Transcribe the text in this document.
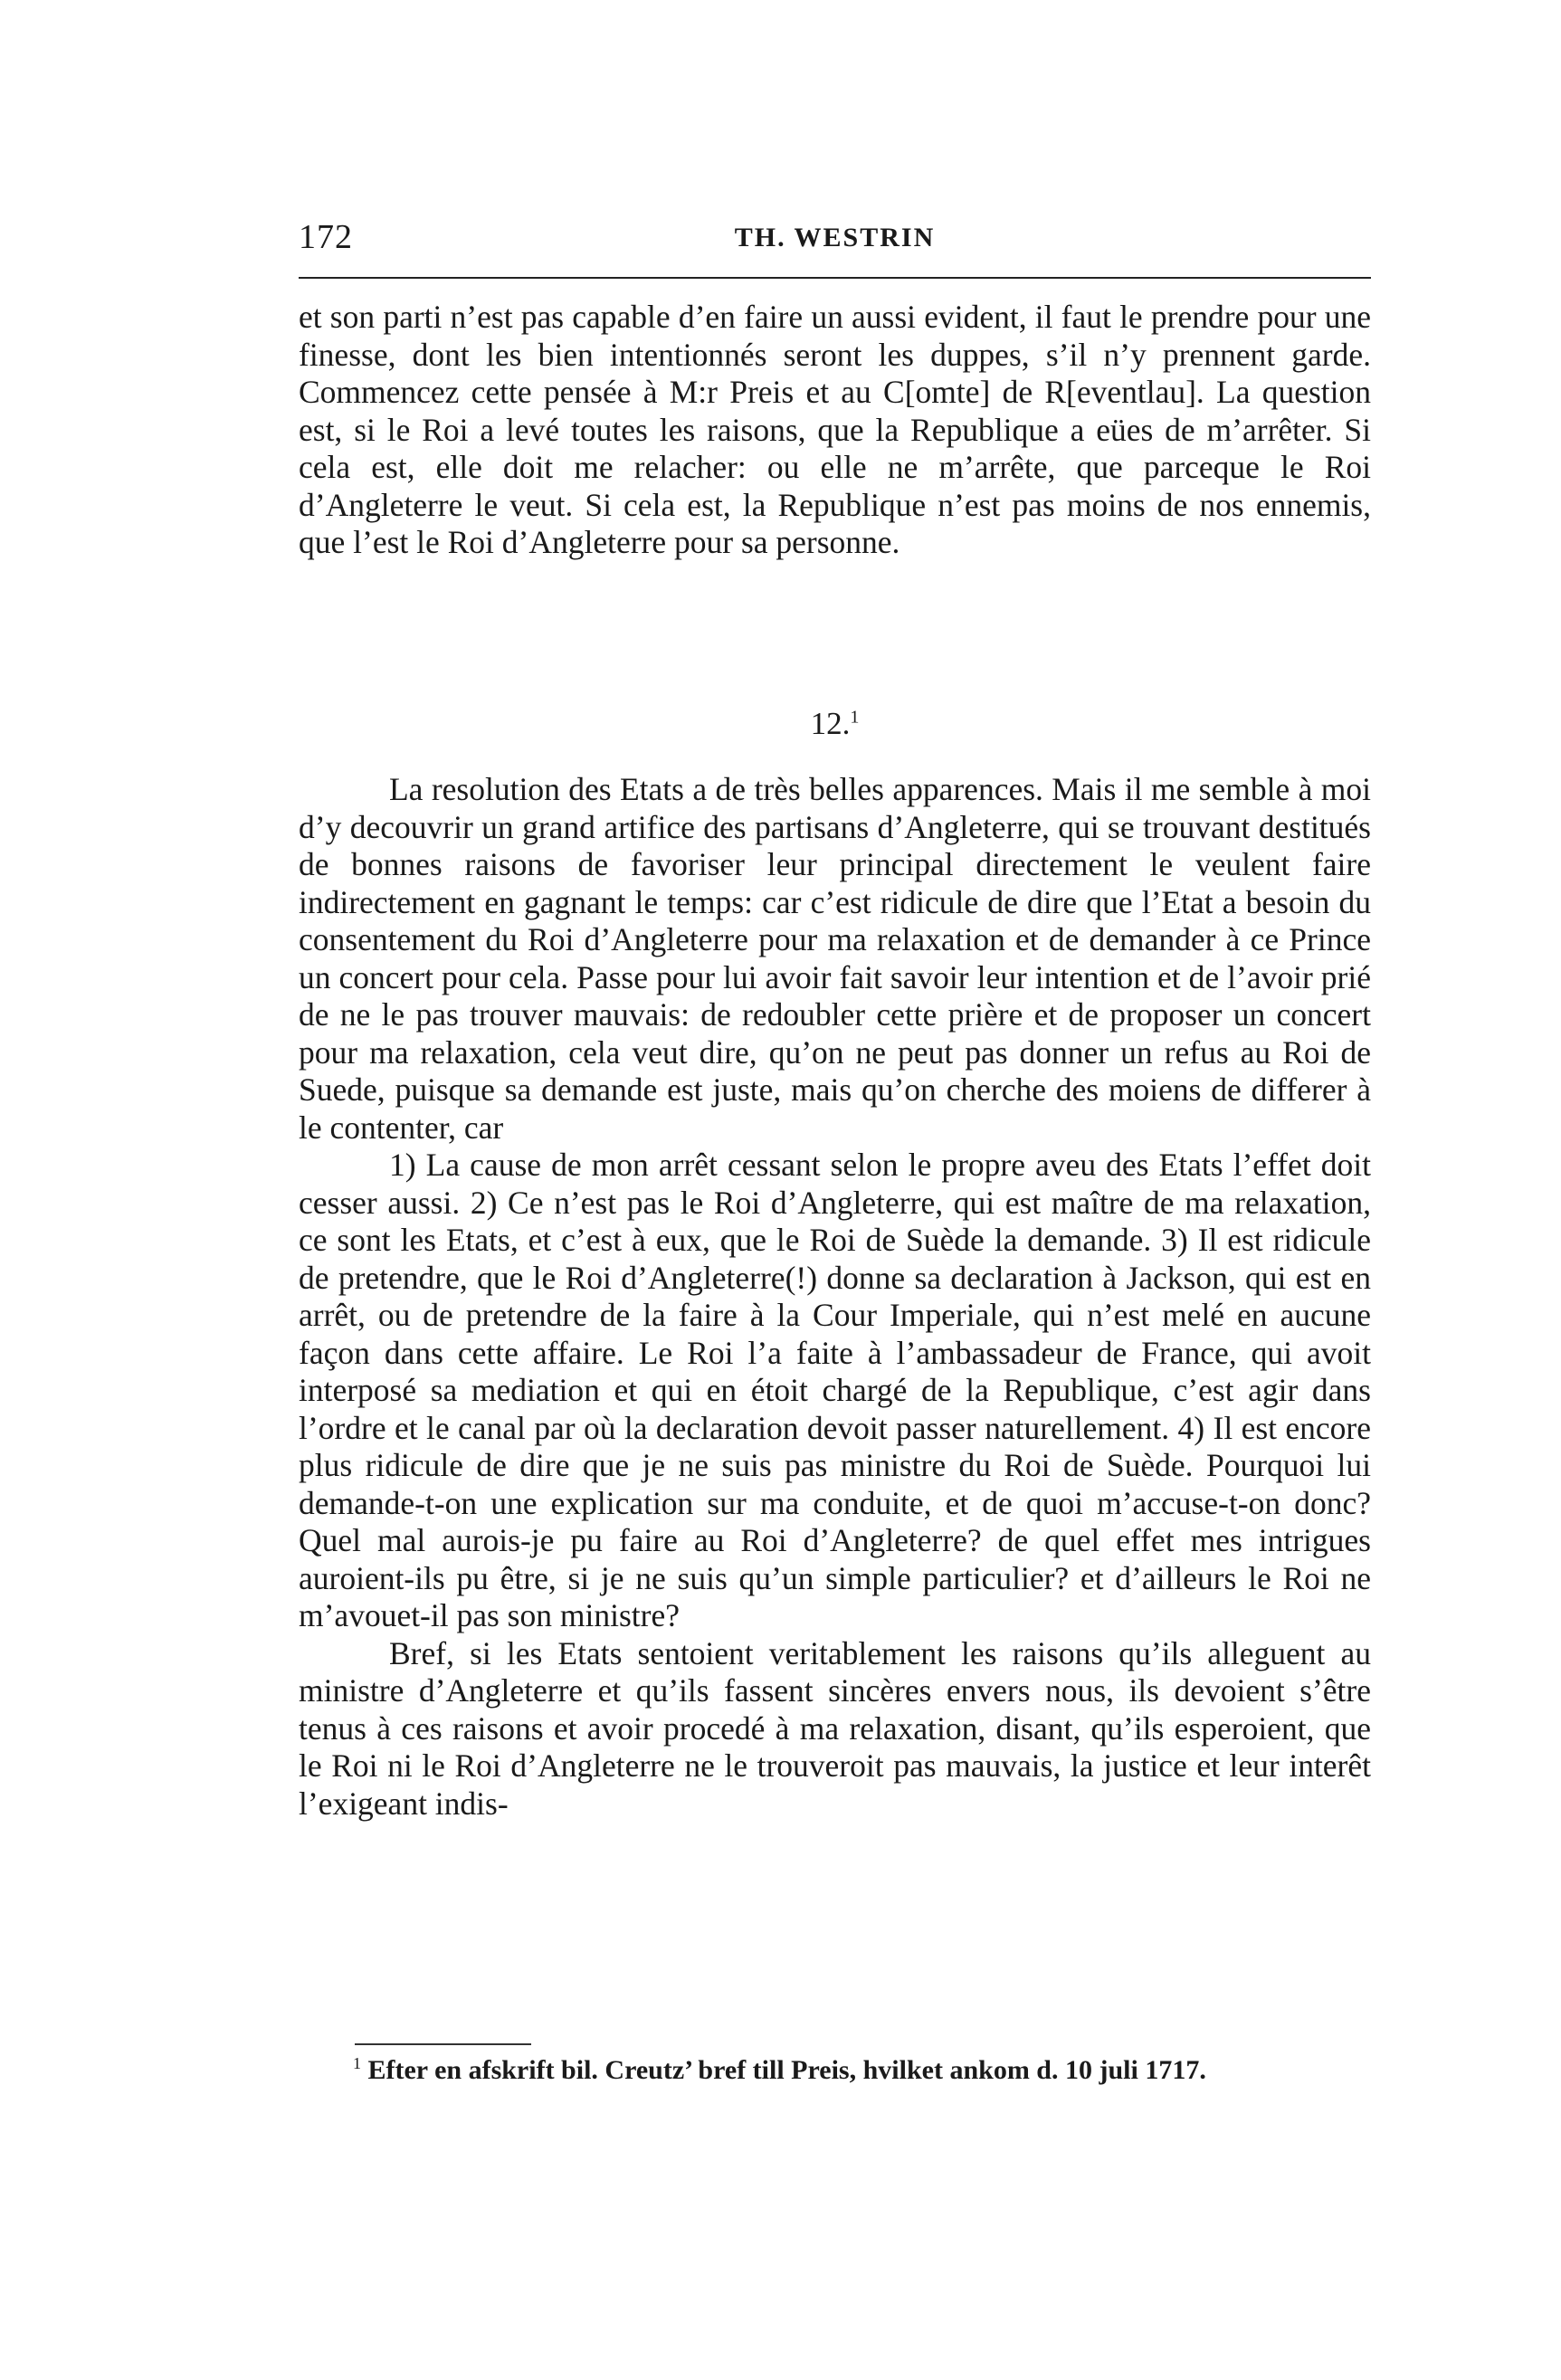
172	TH. WESTRIN

et son parti n’est pas capable d’en faire un aussi evident, il faut le prendre pour une finesse, dont les bien intentionnés seront les duppes, s’il n’y prennent garde. Commencez cette pensée à M:r Preis et au C[omte] de R[eventlau]. La question est, si le Roi a levé toutes les raisons, que la Republique a eües de m’arrêter. Si cela est, elle doit me relacher: ou elle ne m’arrête, que parceque le Roi d’Angleterre le veut. Si cela est, la Republique n’est pas moins de nos ennemis, que l’est le Roi d’Angleterre pour sa personne.

12.$^1$

La resolution des Etats a de très belles apparences. Mais il me semble à moi d’y decouvrir un grand artifice des partisans d’Angleterre, qui se trouvant destitués de bonnes raisons de favoriser leur principal directement le veulent faire indirectement en gagnant le temps: car c’est ridicule de dire que l’Etat a besoin du consentement du Roi d’Angleterre pour ma relaxation et de demander à ce Prince un concert pour cela. Passe pour lui avoir fait savoir leur intention et de l’avoir prié de ne le pas trouver mauvais: de redoubler cette prière et de proposer un concert pour ma relaxation, cela veut dire, qu’on ne peut pas donner un refus au Roi de Suede, puisque sa demande est juste, mais qu’on cherche des moiens de differer à le contenter, car

1) La cause de mon arrêt cessant selon le propre aveu des Etats l’effet doit cesser aussi. 2) Ce n’est pas le Roi d’Angleterre, qui est maître de ma relaxation, ce sont les Etats, et c’est à eux, que le Roi de Suède la demande. 3) Il est ridicule de pretendre, que le Roi d’Angleterre(!) donne sa declaration à Jackson, qui est en arrêt, ou de pretendre de la faire à la Cour Imperiale, qui n’est melé en aucune façon dans cette affaire. Le Roi l’a faite à l’ambassadeur de France, qui avoit interposé sa mediation et qui en étoit chargé de la Republique, c’est agir dans l’ordre et le canal par où la declaration devoit passer naturellement. 4) Il est encore plus ridicule de dire que je ne suis pas ministre du Roi de Suède. Pourquoi lui demande-t-on une explication sur ma conduite, et de quoi m’accuse-t-on donc? Quel mal aurois-je pu faire au Roi d’Angleterre? de quel effet mes intrigues auroient-ils pu être, si je ne suis qu’un simple particulier? et d’ailleurs le Roi ne m’avouet-il pas son ministre?

Bref, si les Etats sentoient veritablement les raisons qu’ils alleguent au ministre d’Angleterre et qu’ils fassent sincères envers nous, ils devoient s’être tenus à ces raisons et avoir procedé à ma relaxation, disant, qu’ils esperoient, que le Roi ni le Roi d’Angleterre ne le trouveroit pas mauvais, la justice et leur interêt l’exigeant indis-

$^1$ Efter en afskrift bil. Creutz’ bref till Preis, hvilket ankom d. 10 juli 1717.
